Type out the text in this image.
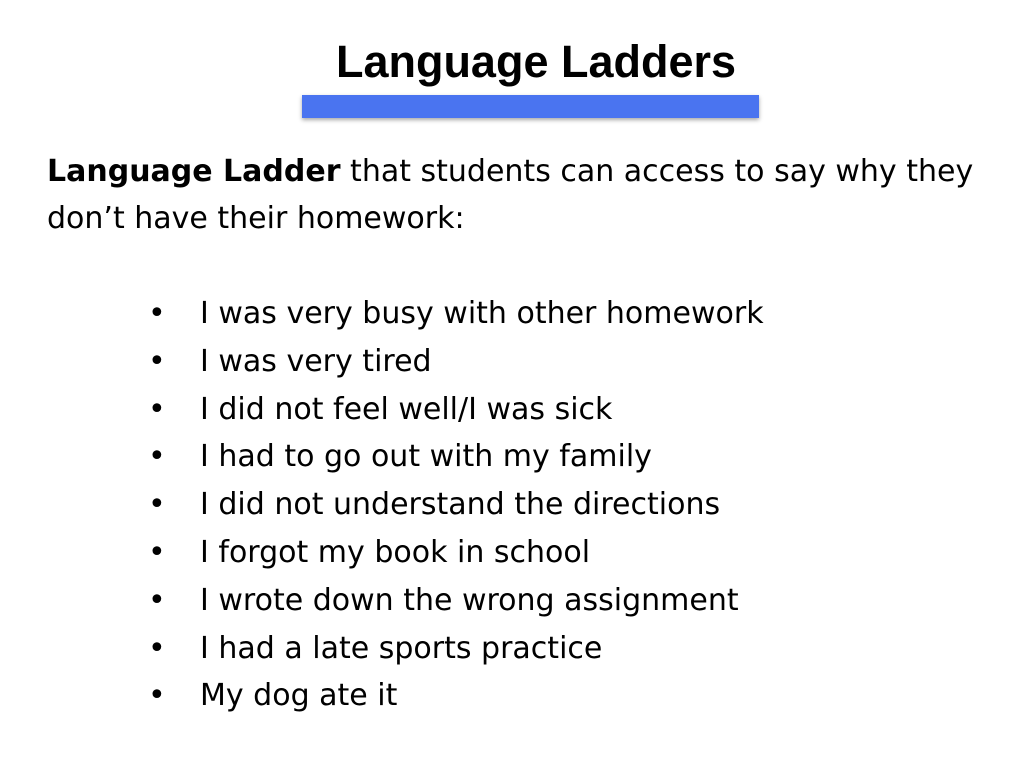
Language Ladders

Language Ladder that students can access to say why they don’t have their homework:

• I was very busy with other homework
• I was very tired
• I did not feel well/I was sick
• I had to go out with my family
• I did not understand the directions
• I forgot my book in school
• I wrote down the wrong assignment
• I had a late sports practice
• My dog ate it
